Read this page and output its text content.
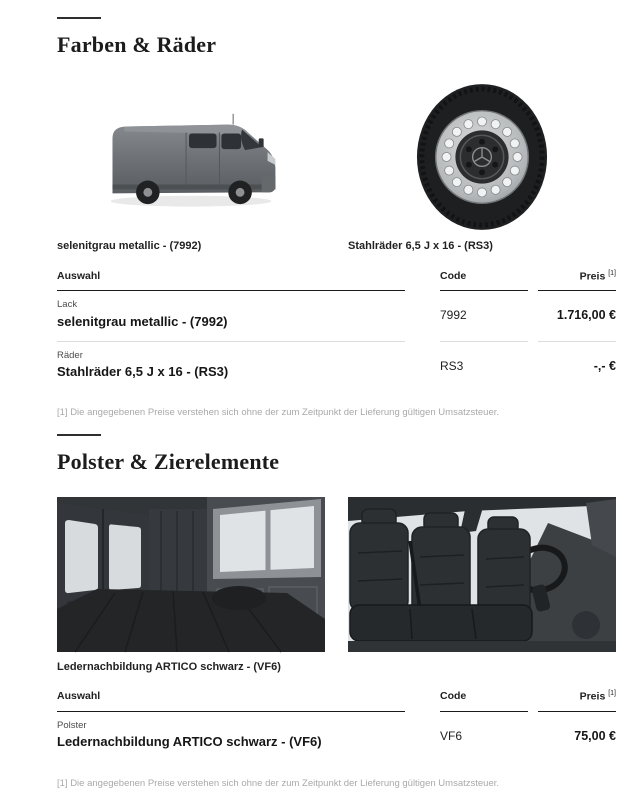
Farben & Räder
selenitgrau metallic - (7992)	Stahlräder 6,5 J x 16 - (RS3)
Auswahl	Code	Preis [1]
Lack
selenitgrau metallic - (7992)	7992	1.716,00 €
Räder
Stahlräder 6,5 J x 16 - (RS3)	RS3	-,- €

[1] Die angegebenen Preise verstehen sich ohne der zum Zeitpunkt der Lieferung gültigen Umsatzsteuer.

Polster & Zierelemente
Ledernachbildung ARTICO schwarz - (VF6)
Auswahl	Code	Preis [1]
Polster
Ledernachbildung ARTICO schwarz - (VF6)	VF6	75,00 €

[1] Die angegebenen Preise verstehen sich ohne der zum Zeitpunkt der Lieferung gültigen Umsatzsteuer.
